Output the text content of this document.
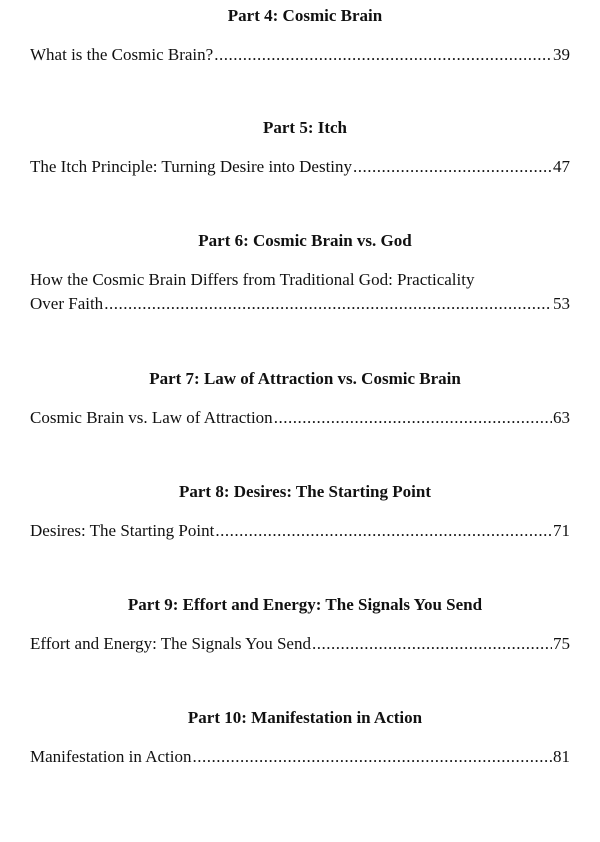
Part 4: Cosmic Brain
What is the Cosmic Brain? .....	39
Part 5: Itch
The Itch Principle: Turning Desire into Destiny .....	47
Part 6: Cosmic Brain vs. God
How the Cosmic Brain Differs from Traditional God: Practicality
Over Faith .....	53
Part 7: Law of Attraction vs. Cosmic Brain
Cosmic Brain vs. Law of Attraction .....	63
Part 8: Desires: The Starting Point
Desires: The Starting Point .....	71
Part 9: Effort and Energy: The Signals You Send
Effort and Energy: The Signals You Send .....	75
Part 10: Manifestation in Action
Manifestation in Action .....	81
